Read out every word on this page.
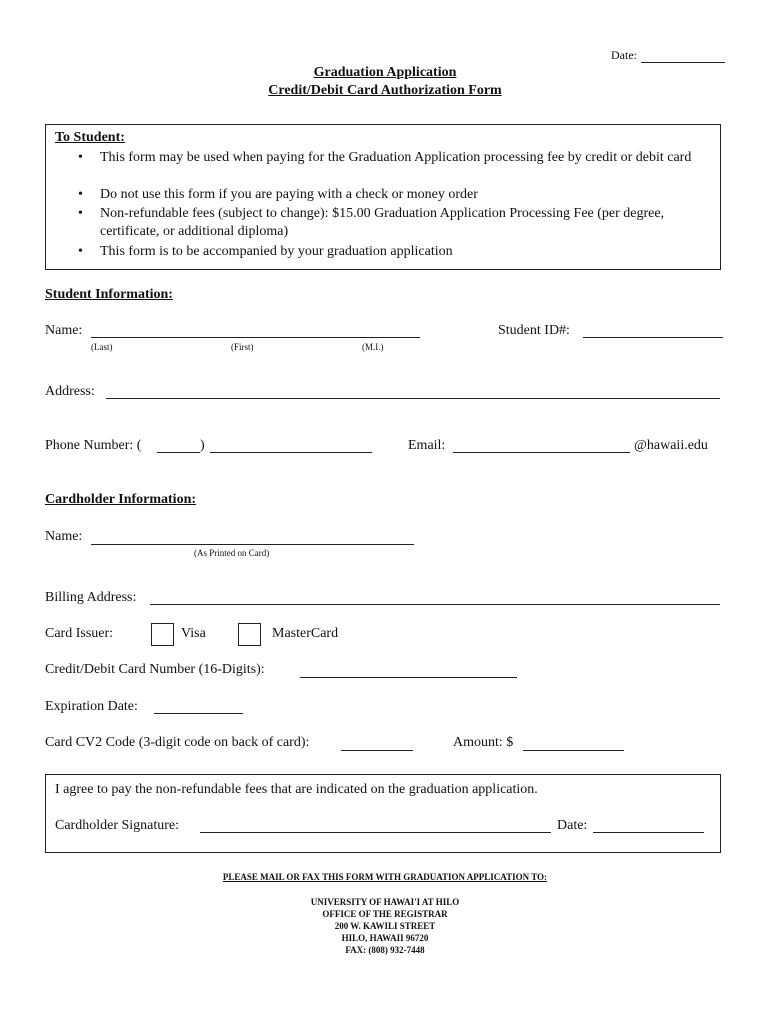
Date:
Graduation Application
Credit/Debit Card Authorization Form
To Student:
• This form may be used when paying for the Graduation Application processing fee by credit or debit card
• Do not use this form if you are paying with a check or money order
• Non-refundable fees (subject to change): $15.00 Graduation Application Processing Fee (per degree, certificate, or additional diploma)
• This form is to be accompanied by your graduation application
Student Information:
Name:
(Last)	(First)	(M.I.)
Student ID#:
Address:
Phone Number: (	)	Email:	@hawaii.edu
Cardholder Information:
Name:
(As Printed on Card)
Billing Address:
Card Issuer:	Visa	MasterCard
Credit/Debit Card Number (16-Digits):
Expiration Date:
Card CV2 Code (3-digit code on back of card):	Amount: $
I agree to pay the non-refundable fees that are indicated on the graduation application.
Cardholder Signature:	Date:
PLEASE MAIL OR FAX THIS FORM WITH GRADUATION APPLICATION TO:
UNIVERSITY OF HAWAI'I AT HILO
OFFICE OF THE REGISTRAR
200 W. KAWILI STREET
HILO, HAWAII 96720
FAX: (808) 932-7448
